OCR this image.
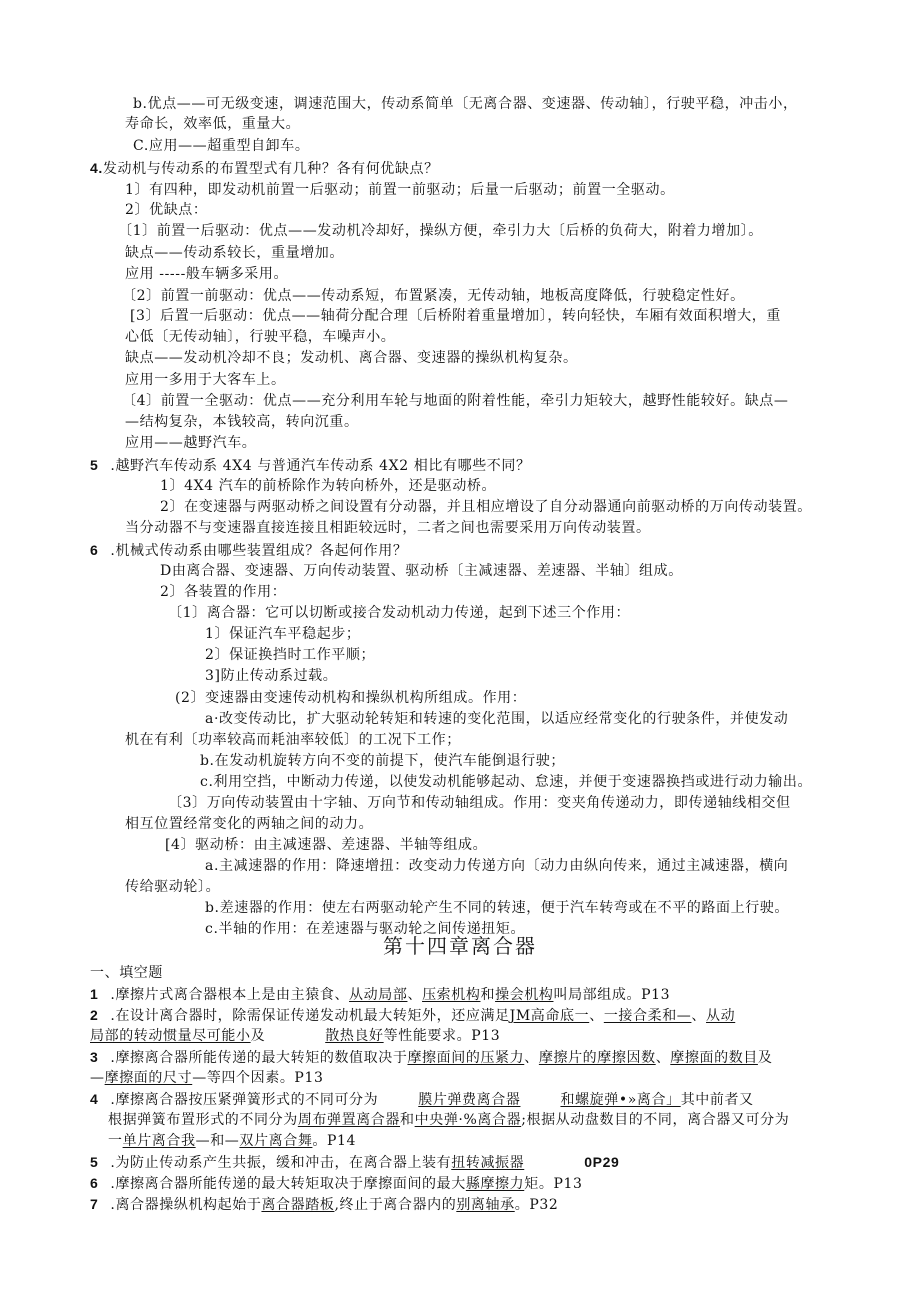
b.优点——可无级变速，调速范围大，传动系简单〔无离合器、变速器、传动轴〕，行驶平稳，冲击小，
寿命长，效率低，重量大。
C.应用——超重型自卸车。
4.发动机与传动系的布置型式有几种？各有何优缺点？
1〕有四种，即发动机前置一后驱动；前置一前驱动；后量一后驱动；前置一全驱动。
2〕优缺点：
〔1〕前置一后驱动：优点——发动机冷却好，操纵方便，牵引力大〔后桥的负荷大，附着力增加〕。
缺点——传动系较长，重量增加。
应用 -----般车辆多采用。
〔2〕前置一前驱动：优点——传动系短，布置紧凑，无传动轴，地板高度降低，行驶稳定性好。
[3〕后置一后驱动：优点——轴荷分配合理〔后桥附着重量增加〕，转向轻快，车厢有效面积增大，重
心低〔无传动轴〕，行驶平稳，车噪声小。
缺点——发动机冷却不良；发动机、离合器、变速器的操纵机构复杂。
应用一多用于大客车上。
〔4〕前置一全驱动：优点——充分利用车轮与地面的附着性能，牵引力矩较大，越野性能较好。缺点—
—结构复杂，本钱较高，转向沉重。
应用——越野汽车。
5 .越野汽车传动系 4X4 与普通汽车传动系 4X2 相比有哪些不同？
1〕4X4 汽车的前桥除作为转向桥外，还是驱动桥。
2〕在变速器与两驱动桥之间设置有分动器，并且相应增设了自分动器通向前驱动桥的万向传动装置。
当分动器不与变速器直接连接且相距较远时，二者之间也需要采用万向传动装置。
6 .机械式传动系由哪些装置组成？各起何作用？
D由离合器、变速器、万向传动装置、驱动桥〔主减速器、差速器、半轴〕组成。
2〕各装置的作用：
〔1〕离合器：它可以切断或接合发动机动力传递，起到下述三个作用：
1〕保证汽车平稳起步；
2〕保证换挡时工作平顺；
3]防止传动系过载。
(2〕变速器由变速传动机构和操纵机构所组成。作用：
a·改变传动比，扩大驱动轮转矩和转速的变化范围，以适应经常变化的行驶条件，并使发动
机在有利〔功率较高而耗油率较低〕的工况下工作；
b.在发动机旋转方向不变的前提下，使汽车能倒退行驶；
c.利用空挡，中断动力传递，以使发动机能够起动、怠速，并便于变速器换挡或进行动力输出。
〔3〕万向传动装置由十字轴、万向节和传动轴组成。作用：变夹角传递动力，即传递轴线相交但
相互位置经常变化的两轴之间的动力。
[4〕驱动桥：由主减速器、差速器、半轴等组成。
a.主减速器的作用：降速增扭：改变动力传递方向〔动力由纵向传来，通过主减速器，横向
传给驱动轮〕。
b.差速器的作用：使左右两驱动轮产生不同的转速，便于汽车转弯或在不平的路面上行驶。
c.半轴的作用：在差速器与驱动轮之间传递扭矩。
第十四章离合器
一、填空题
1 .摩擦片式离合器根本上是由主猿食、从动局部、压索机构和操会机构叫局部组成。P13
2 .在设计离合器时，除需保证传递发动机最大转矩外，还应满足JM高命底一、一接合柔和—、从动
局部的转动惯量尽可能小及	散热良好等性能要求。P13
3 .摩擦离合器所能传递的最大转矩的数值取决于摩擦面间的压紧力、摩擦片的摩擦因数、摩擦面的数目及
—摩擦面的尺寸—等四个因素。P13
4 .摩擦离合器按压紧弹簧形式的不同可分为	膜片弹费离合器	和螺旋弹•»离合」其中前者又
根据弹簧布置形式的不同分为周布弹置离合器和中央弹·%离合器;根据从动盘数目的不同，离合器又可分为
一单片离合我—和—双片离合舞。P14
5 .为防止传动系产生共振，缓和冲击，在离合器上装有扭转减振器	0P29
6 .摩擦离合器所能传递的最大转矩取决于摩擦面间的最大縣摩擦力矩。P13
7 .离合器操纵机构起始于离合器踏板,终止于离合器内的别离轴承。P32
